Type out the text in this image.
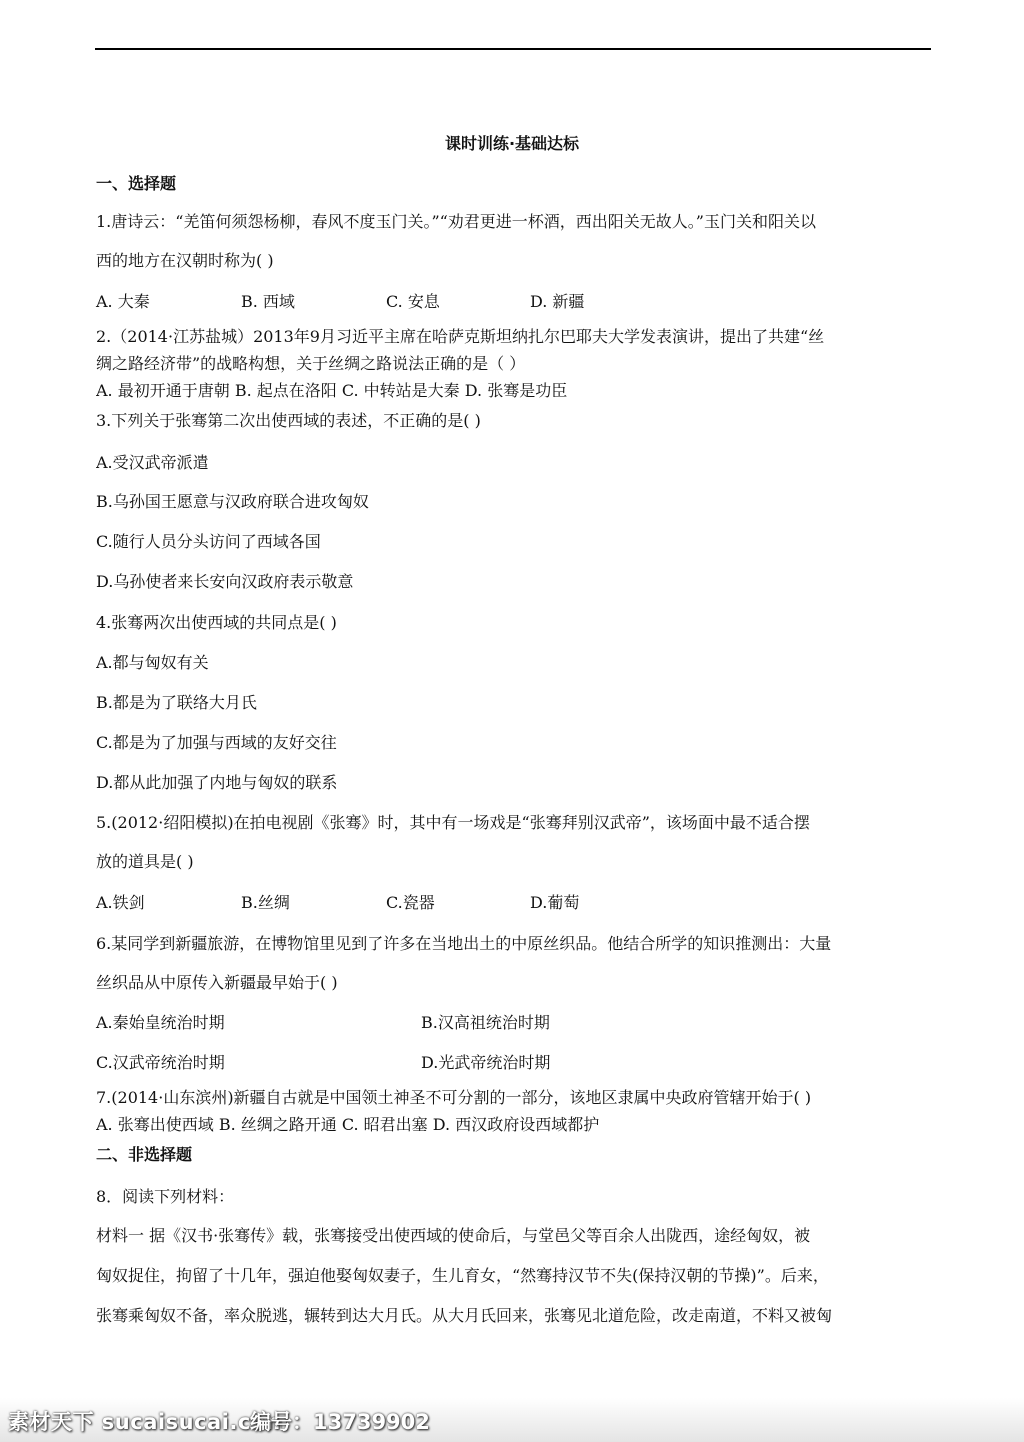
课时训练·基础达标
一、选择题
1.唐诗云：“羌笛何须怨杨柳，春风不度玉门关。”“劝君更进一杯酒，西出阳关无故人。”玉门关和阳关以
西的地方在汉朝时称为( )
A. 大秦	B. 西域	C. 安息	D. 新疆
2.（2014·江苏盐城）2013年9月习近平主席在哈萨克斯坦纳扎尔巴耶夫大学发表演讲，提出了共建“丝
绸之路经济带”的战略构想，关于丝绸之路说法正确的是（ ）
A. 最初开通于唐朝 B. 起点在洛阳 C. 中转站是大秦 D. 张骞是功臣
3.下列关于张骞第二次出使西域的表述，不正确的是( )
A.受汉武帝派遣
B.乌孙国王愿意与汉政府联合进攻匈奴
C.随行人员分头访问了西域各国
D.乌孙使者来长安向汉政府表示敬意
4.张骞两次出使西域的共同点是( )
A.都与匈奴有关
B.都是为了联络大月氏
C.都是为了加强与西域的友好交往
D.都从此加强了内地与匈奴的联系
5.(2012·绍阳模拟)在拍电视剧《张骞》时，其中有一场戏是“张骞拜别汉武帝”，该场面中最不适合摆
放的道具是( )
A.铁剑	B.丝绸	C.瓷器	D.葡萄
6.某同学到新疆旅游，在博物馆里见到了许多在当地出土的中原丝织品。他结合所学的知识推测出：大量
丝织品从中原传入新疆最早始于( )
A.秦始皇统治时期	B.汉高祖统治时期
C.汉武帝统治时期	D.光武帝统治时期
7.(2014·山东滨州)新疆自古就是中国领土神圣不可分割的一部分，该地区隶属中央政府管辖开始于( )
A. 张骞出使西域 B. 丝绸之路开通 C. 昭君出塞 D. 西汉政府设西域都护
二、非选择题
8．阅读下列材料：
材料一 据《汉书·张骞传》载，张骞接受出使西域的使命后，与堂邑父等百余人出陇西，途经匈奴，被
匈奴捉住，拘留了十几年，强迫他娶匈奴妻子，生儿育女，“然骞持汉节不失(保持汉朝的节操)”。后来，
张骞乘匈奴不备，率众脱逃，辗转到达大月氏。从大月氏回来，张骞见北道危险，改走南道，不料又被匈
素材天下 sucaisucai.com
编号：13739902
